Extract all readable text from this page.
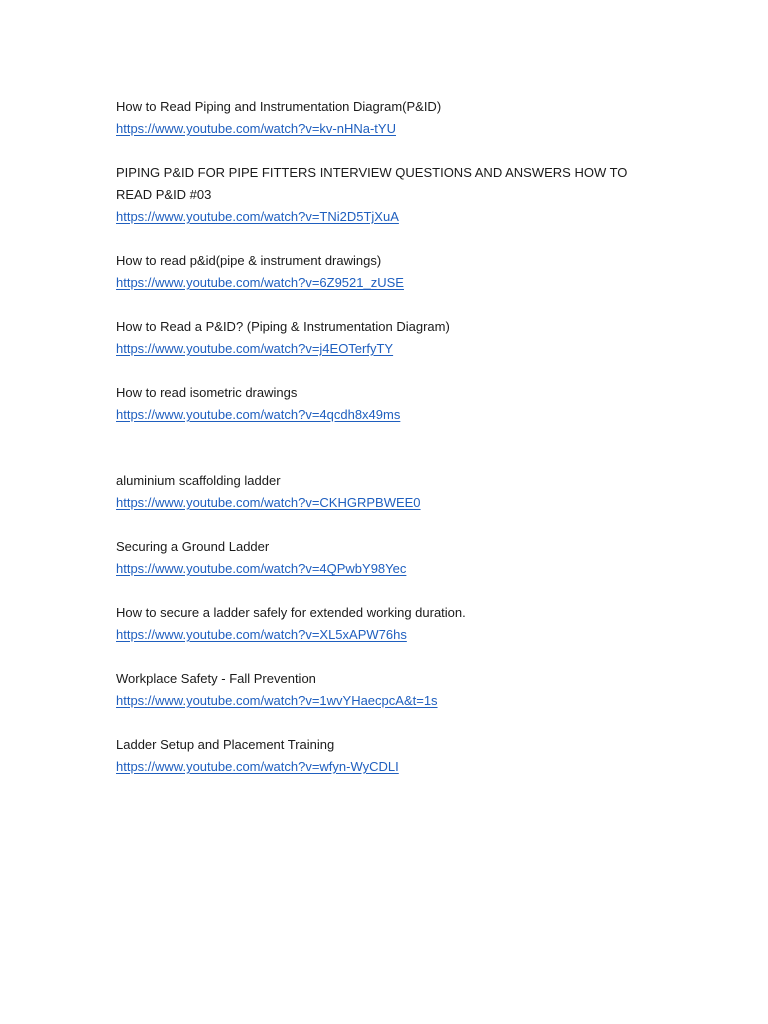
How to Read Piping and Instrumentation Diagram(P&ID)

https://www.youtube.com/watch?v=kv-nHNa-tYU

PIPING P&ID FOR PIPE FITTERS INTERVIEW QUESTIONS AND ANSWERS HOW TO READ P&ID #03

https://www.youtube.com/watch?v=TNi2D5TjXuA

How to read p&id(pipe & instrument drawings)

https://www.youtube.com/watch?v=6Z9521_zUSE

How to Read a P&ID? (Piping & Instrumentation Diagram)

https://www.youtube.com/watch?v=j4EOTerfyTY

How to read isometric drawings

https://www.youtube.com/watch?v=4qcdh8x49ms

aluminium scaffolding ladder

https://www.youtube.com/watch?v=CKHGRPBWEE0

Securing a Ground Ladder

https://www.youtube.com/watch?v=4QPwbY98Yec

How to secure a ladder safely for extended working duration.

https://www.youtube.com/watch?v=XL5xAPW76hs

Workplace Safety - Fall Prevention

https://www.youtube.com/watch?v=1wvYHaecpcA&t=1s

Ladder Setup and Placement Training

https://www.youtube.com/watch?v=wfyn-WyCDLI
